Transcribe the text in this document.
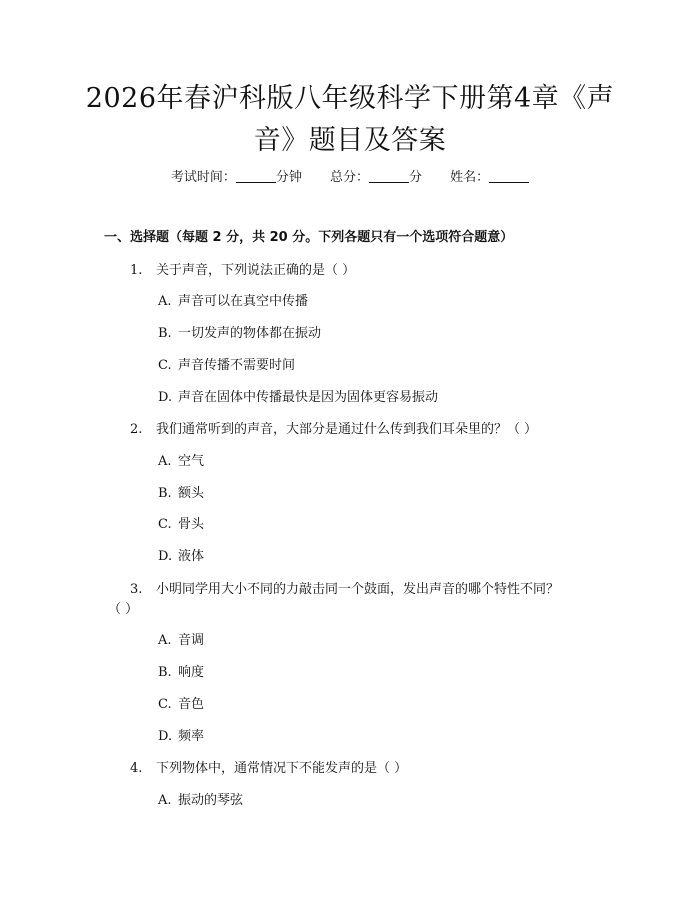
2026年春沪科版八年级科学下册第4章《声
音》题目及答案
考试时间：	分钟 总分：	分 姓名：
一、选择题（每题 2 分，共 20 分。下列各题只有一个选项符合题意）
1. 关于声音，下列说法正确的是（ ）
A. 声音可以在真空中传播
B. 一切发声的物体都在振动
C. 声音传播不需要时间
D. 声音在固体中传播最快是因为固体更容易振动
2. 我们通常听到的声音，大部分是通过什么传到我们耳朵里的？（ ）
A. 空气
B. 额头
C. 骨头
D. 液体
3. 小明同学用大小不同的力敲击同一个鼓面，发出声音的哪个特性不同？
（ ）
A. 音调
B. 响度
C. 音色
D. 频率
4. 下列物体中，通常情况下不能发声的是（ ）
A. 振动的琴弦
